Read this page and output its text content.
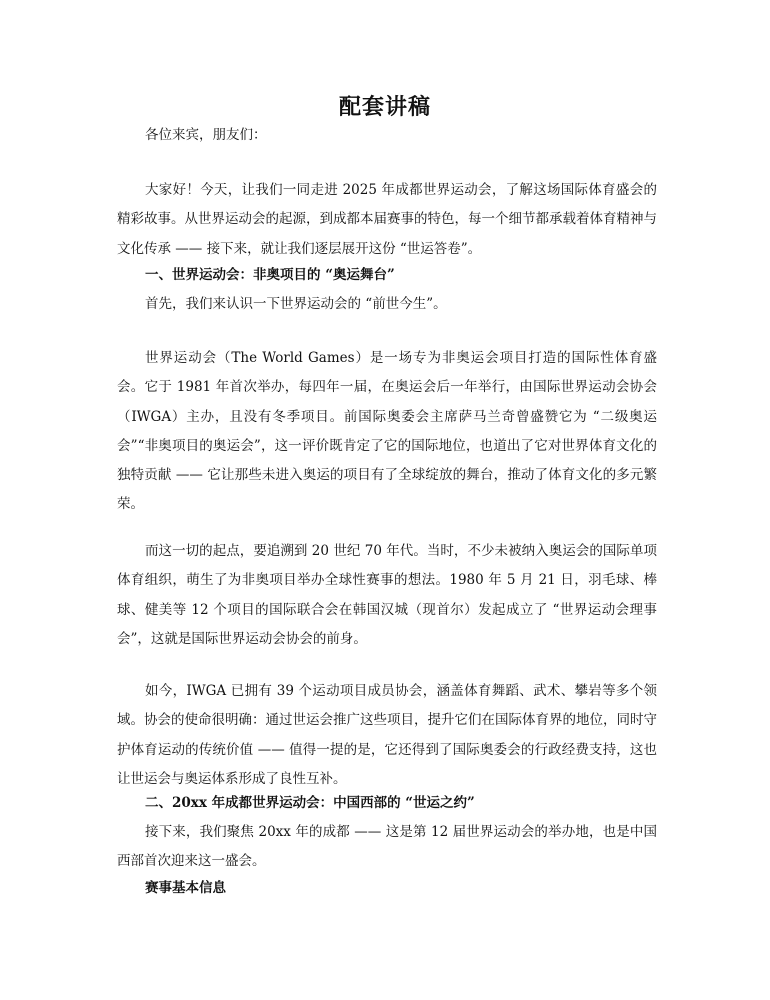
配套讲稿

各位来宾，朋友们：

大家好！今天，让我们一同走进 2025 年成都世界运动会，了解这场国际体育盛会的精彩故事。从世界运动会的起源，到成都本届赛事的特色，每一个细节都承载着体育精神与文化传承 —— 接下来，就让我们逐层展开这份 “世运答卷”。

一、世界运动会：非奥项目的 “奥运舞台”

首先，我们来认识一下世界运动会的 “前世今生”。

世界运动会（The World Games）是一场专为非奥运会项目打造的国际性体育盛会。它于 1981 年首次举办，每四年一届，在奥运会后一年举行，由国际世界运动会协会（IWGA）主办，且没有冬季项目。前国际奥委会主席萨马兰奇曾盛赞它为 “二级奥运会”“非奥项目的奥运会”，这一评价既肯定了它的国际地位，也道出了它对世界体育文化的独特贡献 —— 它让那些未进入奥运的项目有了全球绽放的舞台，推动了体育文化的多元繁荣。

而这一切的起点，要追溯到 20 世纪 70 年代。当时，不少未被纳入奥运会的国际单项体育组织，萌生了为非奥项目举办全球性赛事的想法。1980 年 5 月 21 日，羽毛球、棒球、健美等 12 个项目的国际联合会在韩国汉城（现首尔）发起成立了 “世界运动会理事会”，这就是国际世界运动会协会的前身。

如今，IWGA 已拥有 39 个运动项目成员协会，涵盖体育舞蹈、武术、攀岩等多个领域。协会的使命很明确：通过世运会推广这些项目，提升它们在国际体育界的地位，同时守护体育运动的传统价值 —— 值得一提的是，它还得到了国际奥委会的行政经费支持，这也让世运会与奥运体系形成了良性互补。

二、20xx 年成都世界运动会：中国西部的 “世运之约”

接下来，我们聚焦 20xx 年的成都 —— 这是第 12 届世界运动会的举办地，也是中国西部首次迎来这一盛会。

赛事基本信息
